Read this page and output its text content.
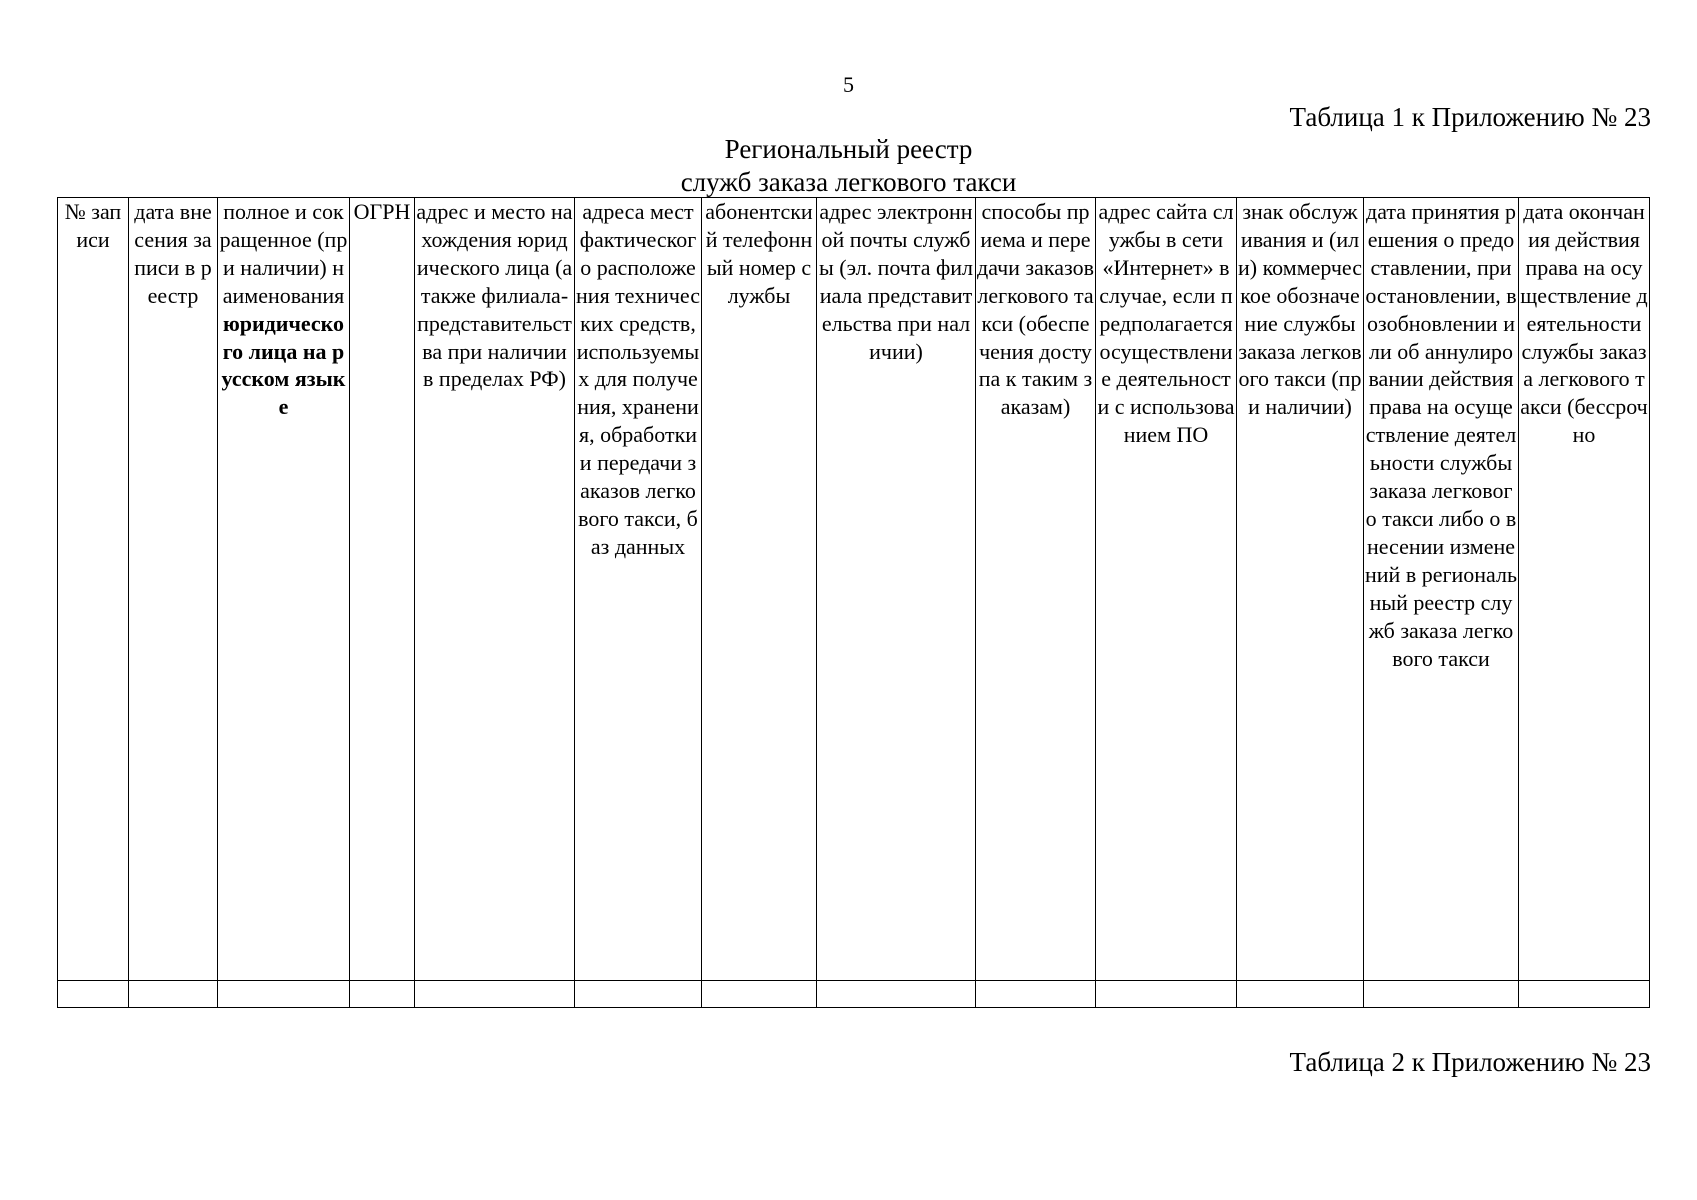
5
Таблица 1 к Приложению № 23
Региональный реестр
служб заказа легкового такси
№ записи	дата внесения записи в реестр	полное и сокращенное (при наличии) наименования юридического лица на русском языке	ОГРН	адрес и место нахождения юридического лица (а также филиала-представительства при наличии в пределах РФ)	адреса мест фактического расположения технических средств, используемых для получения, хранения, обработки и передачи заказов легкового такси, баз данных	абонентский телефонный номер службы	адрес электронной почты службы (эл. почта филиала представительства при наличии)	способы приема и передачи заказов легкового такси (обеспечения доступа к таким заказам)	адрес сайта службы в сети «Интернет» в случае, если предполагается осуществление деятельности с использованием ПО	знак обслуживания и (или) коммерческое обозначение службы заказа легкового такси (при наличии)	дата принятия решения о предоставлении, приостановлении, возобновлении или об аннулировании действия права на осуществление деятельности службы заказа легкового такси либо о внесении изменений в региональный реестр служб заказа легкового такси	дата окончания действия права на осуществление деятельности службы заказа легкового такси (бессрочно

Таблица 2 к Приложению № 23
